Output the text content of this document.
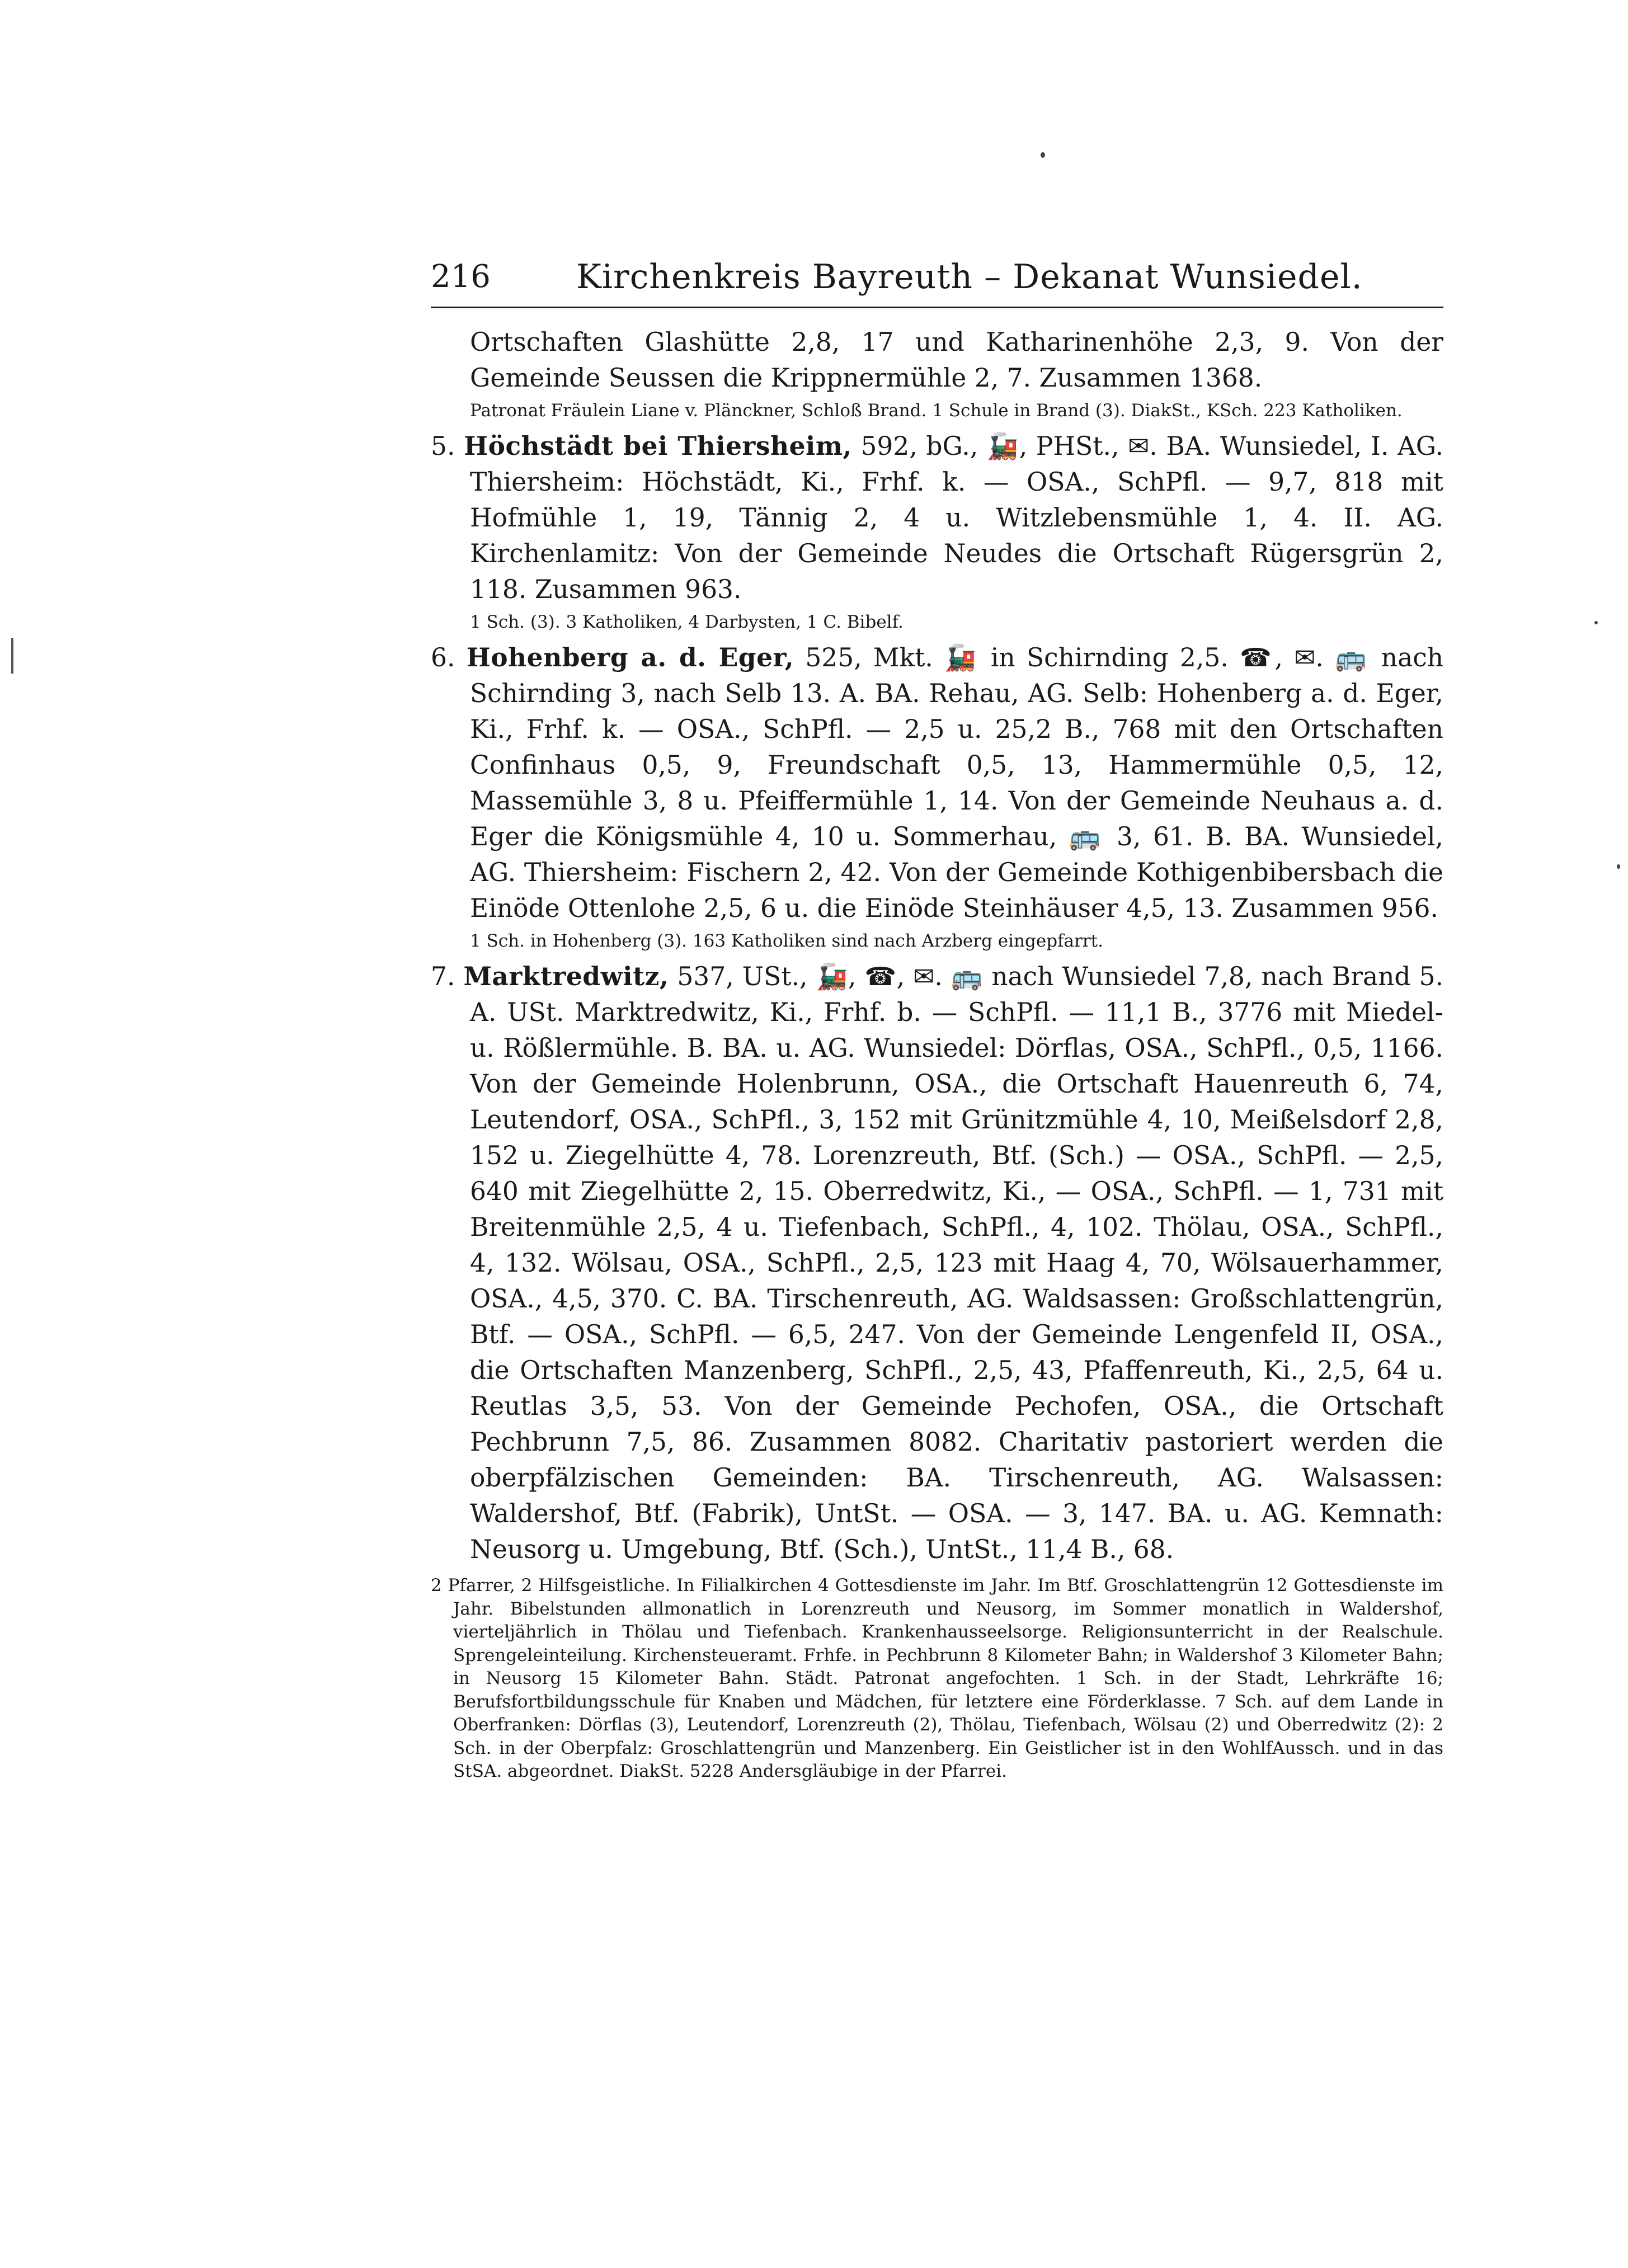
216	Kirchenkreis Bayreuth – Dekanat Wunsiedel.

Ortschaften Glashütte 2,8, 17 und Katharinenhöhe 2,3, 9. Von der Gemeinde Seussen die Krippnermühle 2, 7. Zusammen 1368.

Patronat Fräulein Liane v. Plänckner, Schloß Brand. 1 Schule in Brand (3). DiakSt., KSch. 223 Katholiken.

5. Höchstädt bei Thiersheim, 592, bG., 🚂, PHSt., ✉. BA. Wunsiedel, I. AG. Thiersheim: Höchstädt, Ki., Frhf. k. — OSA., SchPfl. — 9,7, 818 mit Hofmühle 1, 19, Tännig 2, 4 u. Witzlebensmühle 1, 4. II. AG. Kirchenlamitz: Von der Gemeinde Neudes die Ortschaft Rügersgrün 2, 118. Zusammen 963.

1 Sch. (3). 3 Katholiken, 4 Darbysten, 1 C. Bibelf.

6. Hohenberg a. d. Eger, 525, Mkt. 🚂 in Schirnding 2,5. ☎, ✉. 🚌 nach Schirnding 3, nach Selb 13. A. BA. Rehau, AG. Selb: Hohenberg a. d. Eger, Ki., Frhf. k. — OSA., SchPfl. — 2,5 u. 25,2 B., 768 mit den Ortschaften Confinhaus 0,5, 9, Freundschaft 0,5, 13, Hammermühle 0,5, 12, Massemühle 3, 8 u. Pfeiffermühle 1, 14. Von der Gemeinde Neuhaus a. d. Eger die Königsmühle 4, 10 u. Sommerhau, 🚌 3, 61. B. BA. Wunsiedel, AG. Thiersheim: Fischern 2, 42. Von der Gemeinde Kothigenbibersbach die Einöde Ottenlohe 2,5, 6 u. die Einöde Steinhäuser 4,5, 13. Zusammen 956.

1 Sch. in Hohenberg (3). 163 Katholiken sind nach Arzberg eingepfarrt.

7. Marktredwitz, 537, USt., 🚂, ☎, ✉. 🚌 nach Wunsiedel 7,8, nach Brand 5. A. USt. Marktredwitz, Ki., Frhf. b. — SchPfl. — 11,1 B., 3776 mit Miedel- u. Rößlermühle. B. BA. u. AG. Wunsiedel: Dörflas, OSA., SchPfl., 0,5, 1166. Von der Gemeinde Holenbrunn, OSA., die Ortschaft Hauenreuth 6, 74, Leutendorf, OSA., SchPfl., 3, 152 mit Grünitzmühle 4, 10, Meißelsdorf 2,8, 152 u. Ziegelhütte 4, 78. Lorenzreuth, Btf. (Sch.) — OSA., SchPfl. — 2,5, 640 mit Ziegelhütte 2, 15. Oberredwitz, Ki., — OSA., SchPfl. — 1, 731 mit Breitenmühle 2,5, 4 u. Tiefenbach, SchPfl., 4, 102. Thölau, OSA., SchPfl., 4, 132. Wölsau, OSA., SchPfl., 2,5, 123 mit Haag 4, 70, Wölsauerhammer, OSA., 4,5, 370. C. BA. Tirschenreuth, AG. Waldsassen: Großschlattengrün, Btf. — OSA., SchPfl. — 6,5, 247. Von der Gemeinde Lengenfeld II, OSA., die Ortschaften Manzenberg, SchPfl., 2,5, 43, Pfaffenreuth, Ki., 2,5, 64 u. Reutlas 3,5, 53. Von der Gemeinde Pechofen, OSA., die Ortschaft Pechbrunn 7,5, 86. Zusammen 8082. Charitativ pastoriert werden die oberpfälzischen Gemeinden: BA. Tirschenreuth, AG. Walsassen: Waldershof, Btf. (Fabrik), UntSt. — OSA. — 3, 147. BA. u. AG. Kemnath: Neusorg u. Umgebung, Btf. (Sch.), UntSt., 11,4 B., 68.

2 Pfarrer, 2 Hilfsgeistliche. In Filialkirchen 4 Gottesdienste im Jahr. Im Btf. Groschlattengrün 12 Gottesdienste im Jahr. Bibelstunden allmonatlich in Lorenzreuth und Neusorg, im Sommer monatlich in Waldershof, vierteljährlich in Thölau und Tiefenbach. Krankenhausseelsorge. Religionsunterricht in der Realschule. Sprengeleinteilung. Kirchensteueramt. Frhfe. in Pechbrunn 8 Kilometer Bahn; in Waldershof 3 Kilometer Bahn; in Neusorg 15 Kilometer Bahn. Städt. Patronat angefochten. 1 Sch. in der Stadt, Lehrkräfte 16; Berufsfortbildungsschule für Knaben und Mädchen, für letztere eine Förderklasse. 7 Sch. auf dem Lande in Oberfranken: Dörflas (3), Leutendorf, Lorenzreuth (2), Thölau, Tiefenbach, Wölsau (2) und Oberredwitz (2): 2 Sch. in der Oberpfalz: Groschlattengrün und Manzenberg. Ein Geistlicher ist in den WohlfAussch. und in das StSA. abgeordnet. DiakSt. 5228 Andersgläubige in der Pfarrei.
